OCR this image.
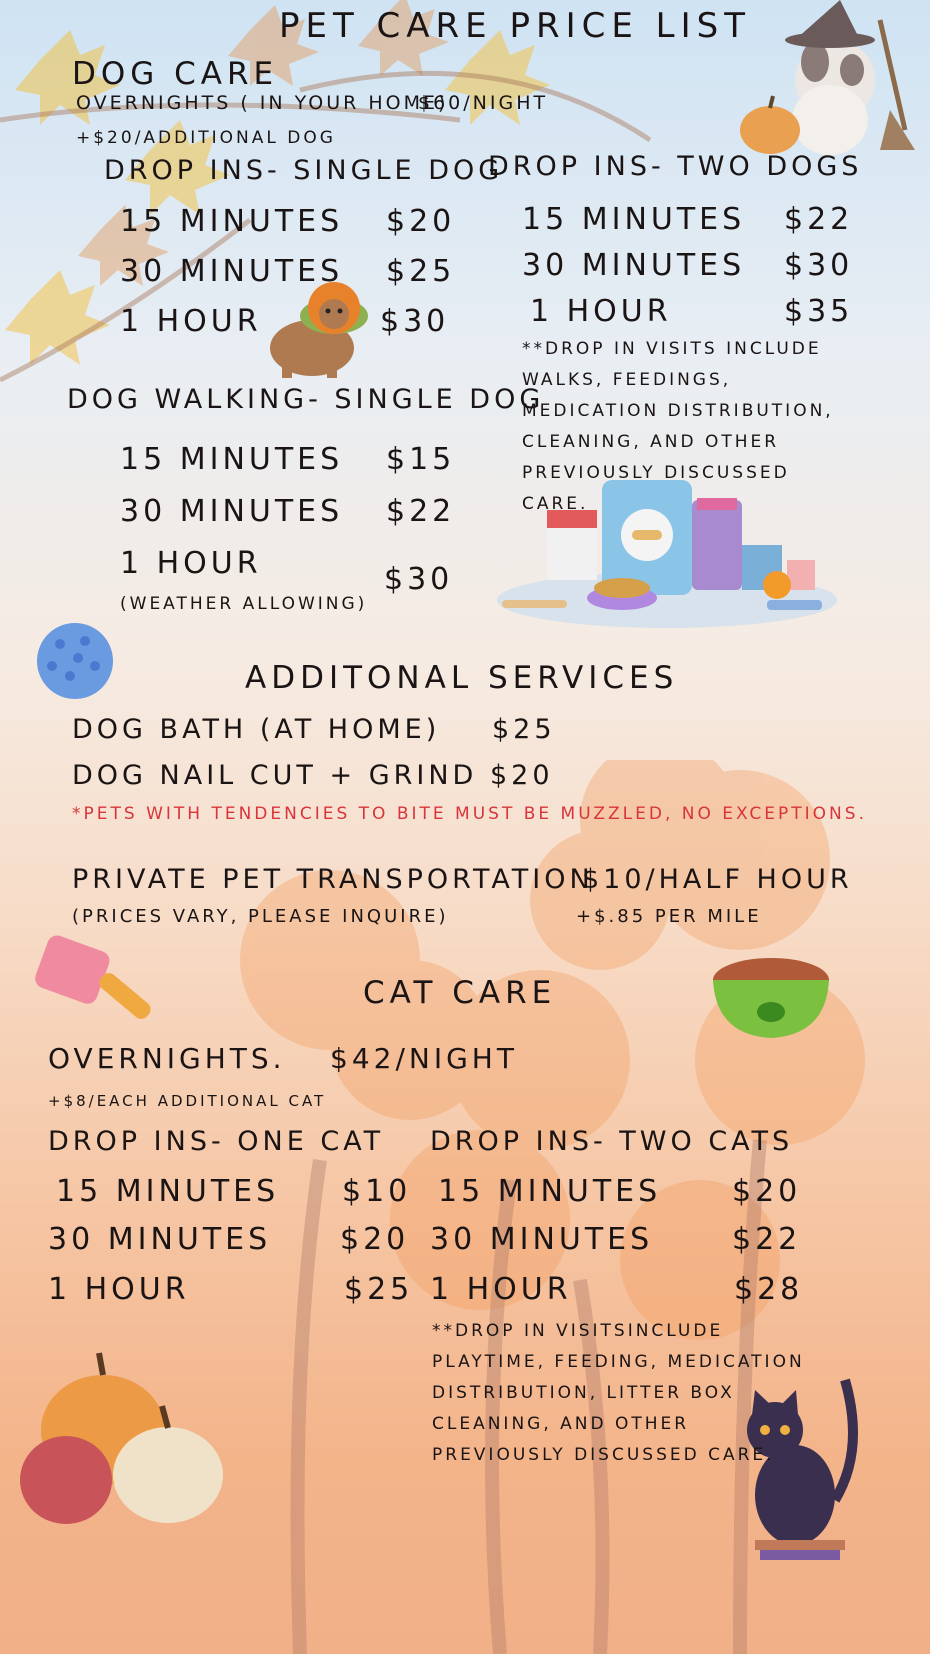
PET CARE PRICE LIST
DOG CARE
OVERNIGHTS ( IN YOUR HOME)
$60/NIGHT
+$20/ADDITIONAL DOG
DROP INS- SINGLE DOG
15 MINUTES $20
30 MINUTES $25
1 HOUR	$30
DROP INS- TWO DOGS
15 MINUTES $22
30 MINUTES $30
1 HOUR	$35
**DROP IN VISITS INCLUDE WALKS, FEEDINGS, MEDICATION DISTRIBUTION, CLEANING, AND OTHER PREVIOUSLY DISCUSSED CARE.
DOG WALKING- SINGLE DOG
15 MINUTES $15
30 MINUTES $22
1 HOUR	$30
(WEATHER ALLOWING)
ADDITONAL SERVICES
DOG BATH (AT HOME) $25
DOG NAIL CUT + GRIND $20
*PETS WITH TENDENCIES TO BITE MUST BE MUZZLED, NO EXCEPTIONS.
PRIVATE PET TRANSPORTATION
$10/HALF HOUR
(PRICES VARY, PLEASE INQUIRE)	+$.85 PER MILE
CAT CARE
OVERNIGHTS. $42/NIGHT
+$8/EACH ADDITIONAL CAT
DROP INS- ONE CAT
15 MINUTES $10
30 MINUTES $20
1 HOUR	$25
DROP INS- TWO CATS
15 MINUTES $20
30 MINUTES	$22
1 HOUR	$28
**DROP IN VISITSINCLUDE PLAYTIME, FEEDING, MEDICATION DISTRIBUTION, LITTER BOX CLEANING, AND OTHER PREVIOUSLY DISCUSSED CARE.
